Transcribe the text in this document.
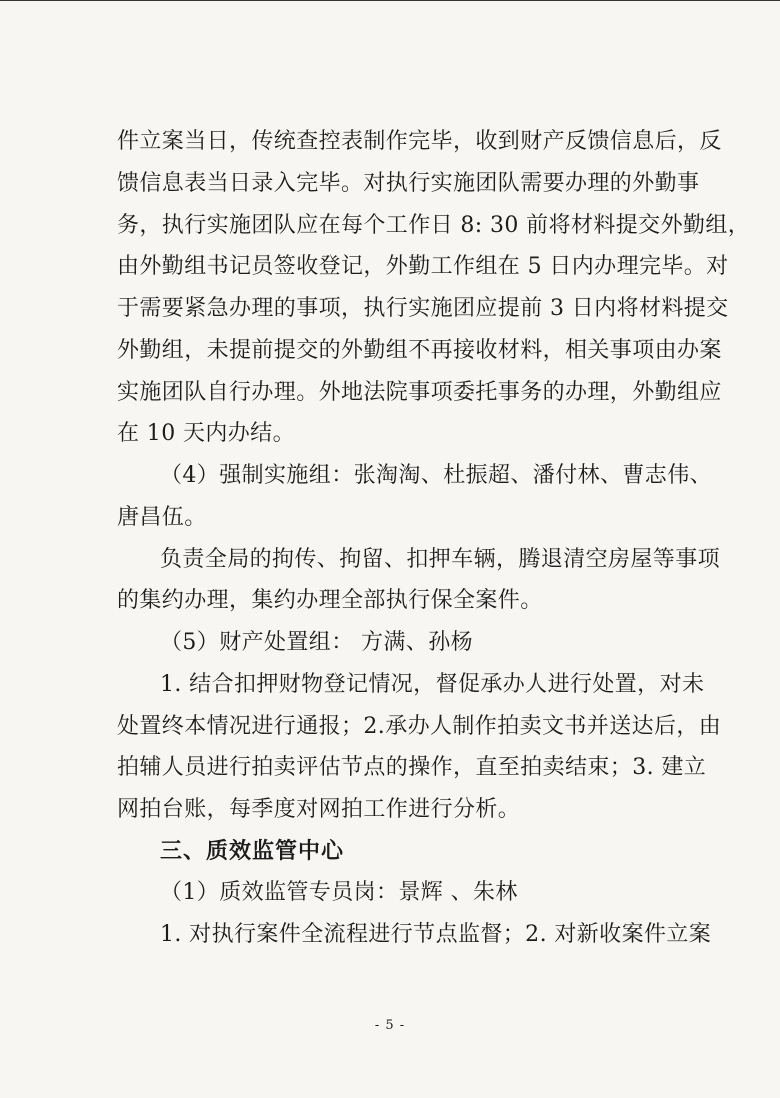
件立案当日，传统查控表制作完毕，收到财产反馈信息后，反
馈信息表当日录入完毕。对执行实施团队需要办理的外勤事
务，执行实施团队应在每个工作日 8: 30 前将材料提交外勤组，
由外勤组书记员签收登记，外勤工作组在 5 日内办理完毕。对
于需要紧急办理的事项，执行实施团应提前 3 日内将材料提交
外勤组，未提前提交的外勤组不再接收材料，相关事项由办案
实施团队自行办理。外地法院事项委托事务的办理，外勤组应
在 10 天内办结。
（4）强制实施组：张淘淘、杜振超、潘付林、曹志伟、
唐昌伍。
负责全局的拘传、拘留、扣押车辆，腾退清空房屋等事项
的集约办理，集约办理全部执行保全案件。
（5）财产处置组： 方满、孙杨
1. 结合扣押财物登记情况，督促承办人进行处置，对未
处置终本情况进行通报；2.承办人制作拍卖文书并送达后，由
拍辅人员进行拍卖评估节点的操作，直至拍卖结束；3. 建立
网拍台账，每季度对网拍工作进行分析。
三、质效监管中心
（1）质效监管专员岗：景辉 、朱林
1. 对执行案件全流程进行节点监督；2. 对新收案件立案
- 5 -
